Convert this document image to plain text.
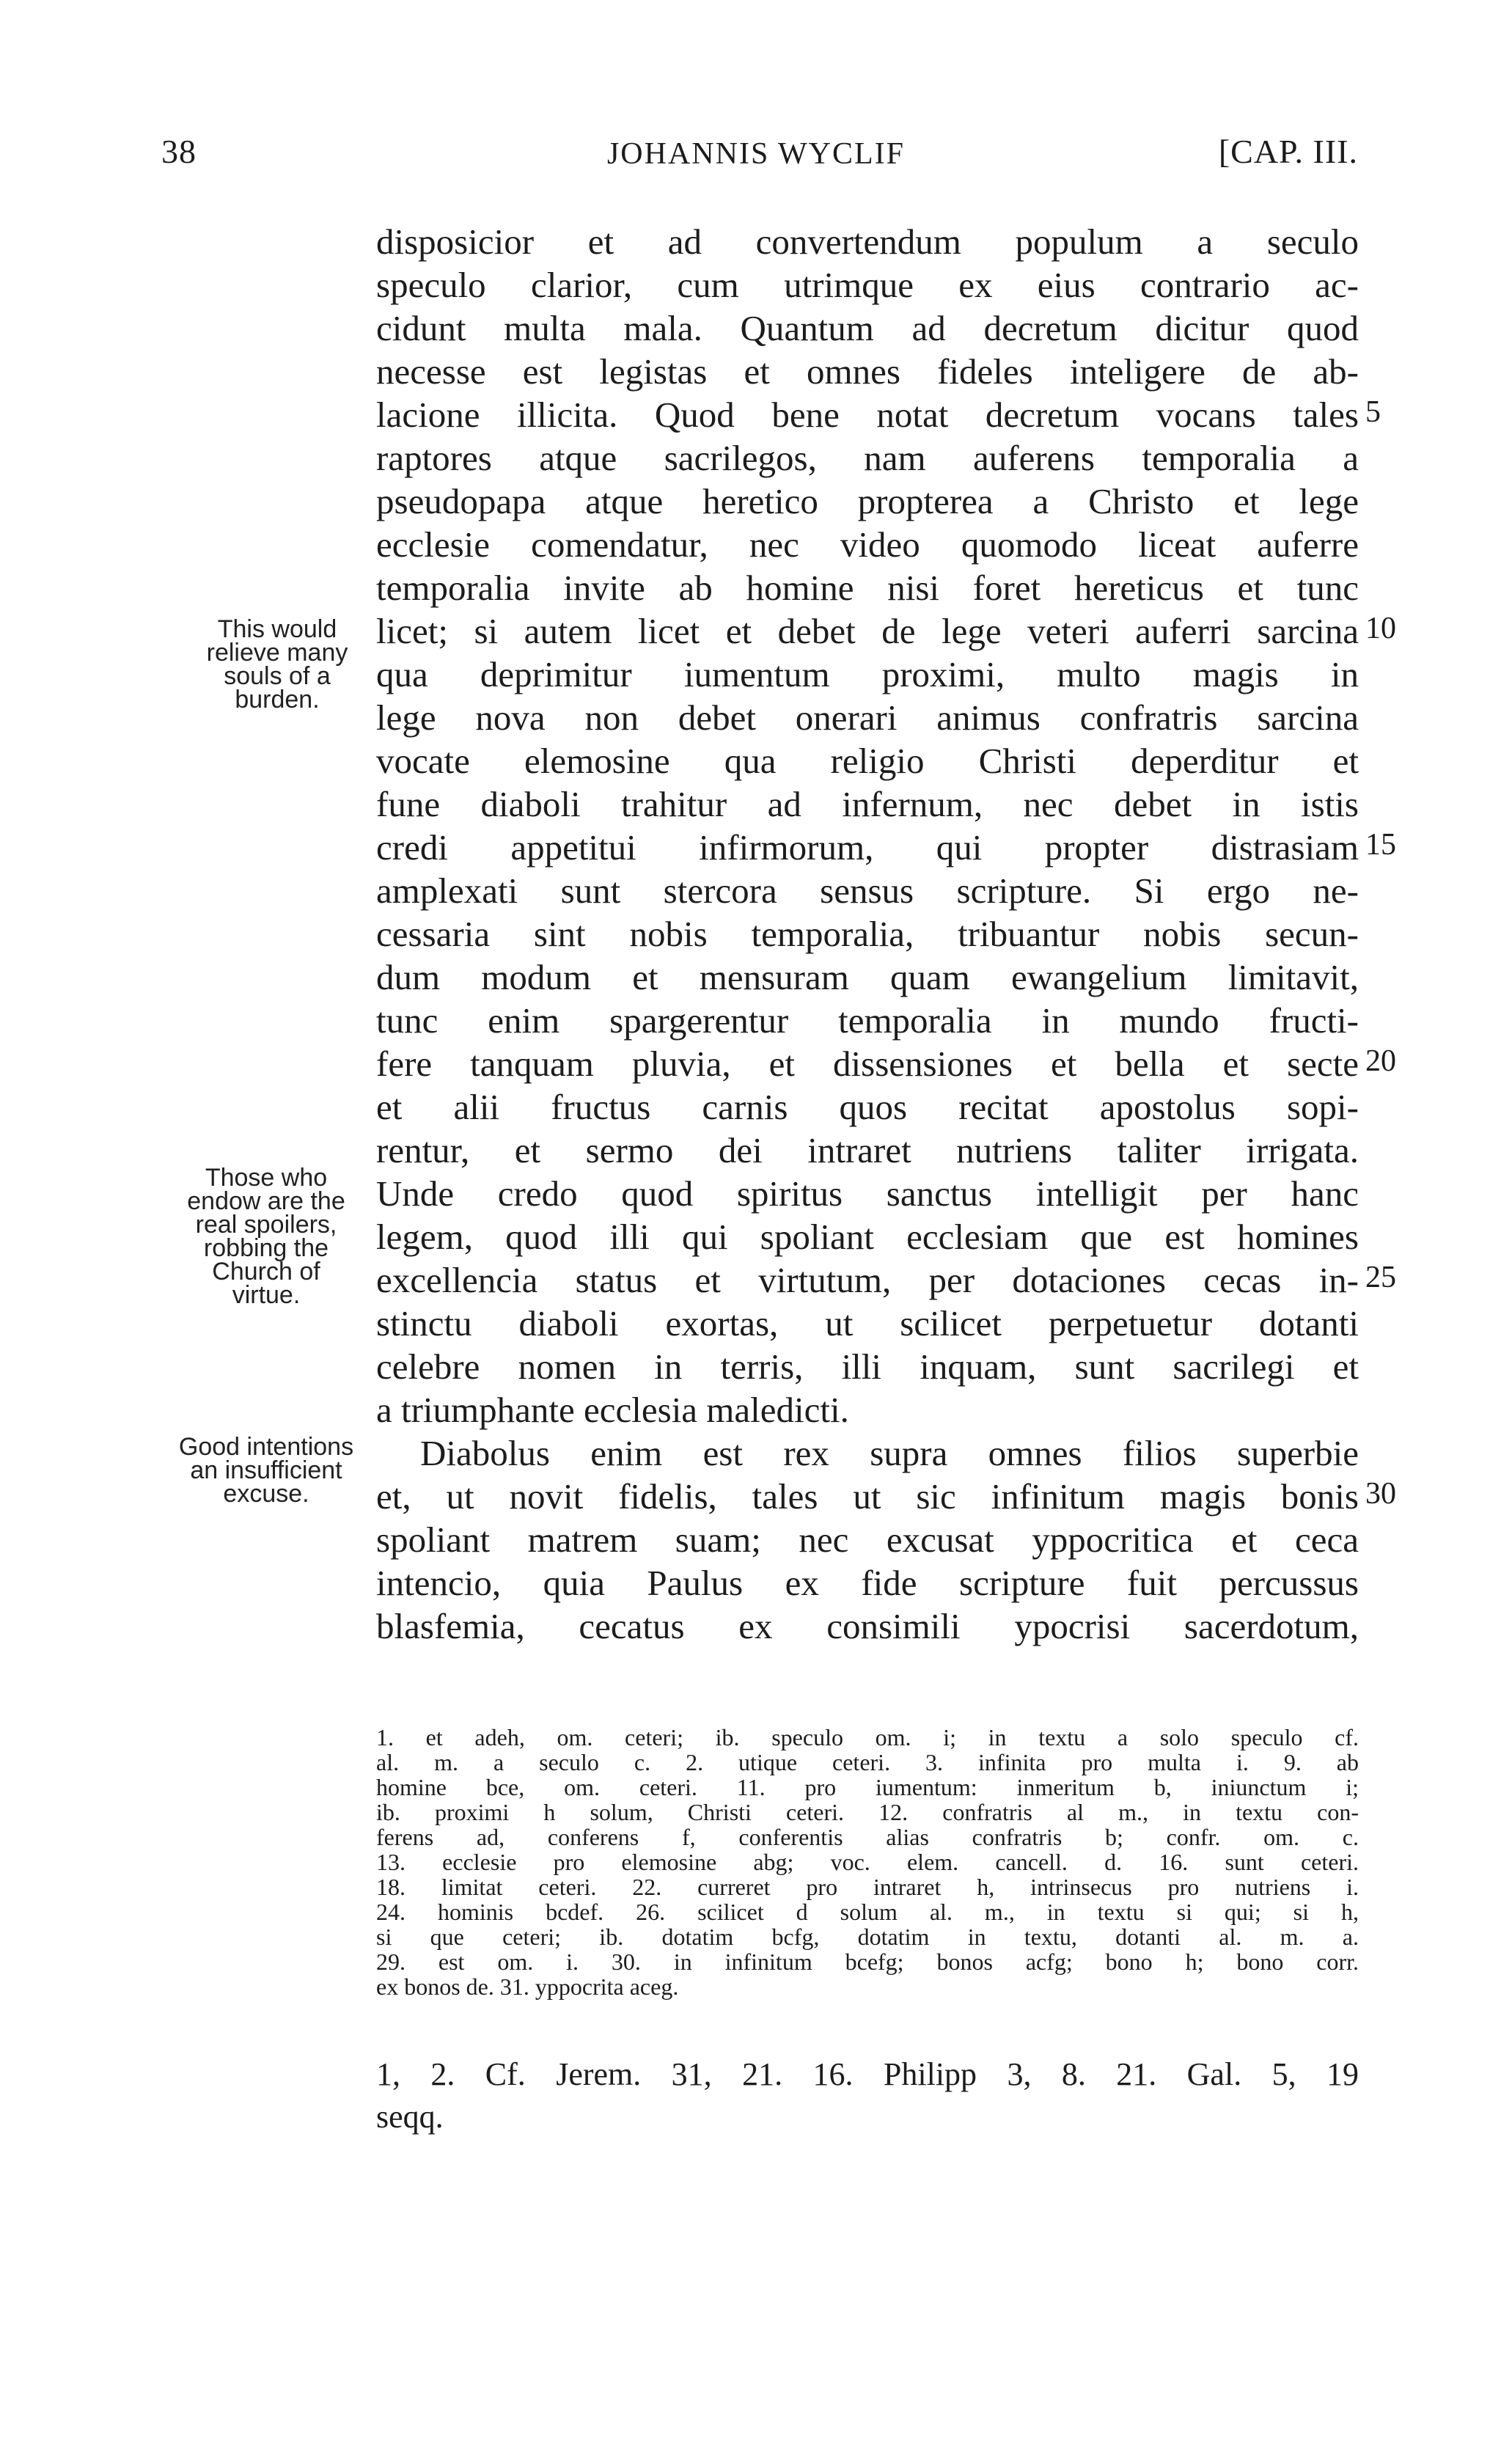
38	JOHANNIS WYCLIF	[CAP. III.
disposicior et ad convertendum populum a seculo
speculo clarior, cum utrimque ex eius contrario ac-
cidunt multa mala. Quantum ad decretum dicitur quod
necesse est legistas et omnes fideles inteligere de ab-
lacione illicita. Quod bene notat decretum vocans tales
raptores atque sacrilegos, nam auferens temporalia a
pseudopapa atque heretico propterea a Christo et lege
ecclesie comendatur, nec video quomodo liceat auferre
temporalia invite ab homine nisi foret hereticus et tunc
licet; si autem licet et debet de lege veteri auferri sarcina
qua deprimitur iumentum proximi, multo magis in
lege nova non debet onerari animus confratris sarcina
vocate elemosine qua religio Christi deperditur et
fune diaboli trahitur ad infernum, nec debet in istis
credi appetitui infirmorum, qui propter distrasiam
amplexati sunt stercora sensus scripture. Si ergo ne-
cessaria sint nobis temporalia, tribuantur nobis secun-
dum modum et mensuram quam ewangelium limitavit,
tunc enim spargerentur temporalia in mundo fructi-
fere tanquam pluvia, et dissensiones et bella et secte
et alii fructus carnis quos recitat apostolus sopi-
rentur, et sermo dei intraret nutriens taliter irrigata.
Unde credo quod spiritus sanctus intelligit per hanc
legem, quod illi qui spoliant ecclesiam que est homines
excellencia status et virtutum, per dotaciones cecas in-
stinctu diaboli exortas, ut scilicet perpetuetur dotanti
celebre nomen in terris, illi inquam, sunt sacrilegi et
a triumphante ecclesia maledicti.
Diabolus enim est rex supra omnes filios superbie
et, ut novit fidelis, tales ut sic infinitum magis bonis
spoliant matrem suam; nec excusat yppocritica et ceca
intencio, quia Paulus ex fide scripture fuit percussus
blasfemia, cecatus ex consimili ypocrisi sacerdotum,
5
10
15
20
25
30
This would
relieve many
souls of a
burden.
Those who
endow are the
real spoilers,
robbing the
Church of
virtue.
Good intentions
an insufficient
excuse.
1. et adeh, om. ceteri; ib. speculo om. i; in textu a solo speculo cf.
al. m. a seculo c. 2. utique ceteri. 3. infinita pro multa i. 9. ab
homine bce, om. ceteri. 11. pro iumentum: inmeritum b, iniunctum i;
ib. proximi h solum, Christi ceteri. 12. confratris al m., in textu con-
ferens ad, conferens f, conferentis alias confratris b; confr. om. c.
13. ecclesie pro elemosine abg; voc. elem. cancell. d. 16. sunt ceteri.
18. limitat ceteri. 22. curreret pro intraret h, intrinsecus pro nutriens i.
24. hominis bcdef. 26. scilicet d solum al. m., in textu si qui; si h,
si que ceteri; ib. dotatim bcfg, dotatim in textu, dotanti al. m. a.
29. est om. i. 30. in infinitum bcefg; bonos acfg; bono h; bono corr.
ex bonos de. 31. yppocrita aceg.
1, 2. Cf. Jerem. 31, 21. 16. Philipp 3, 8. 21. Gal. 5, 19
seqq.
